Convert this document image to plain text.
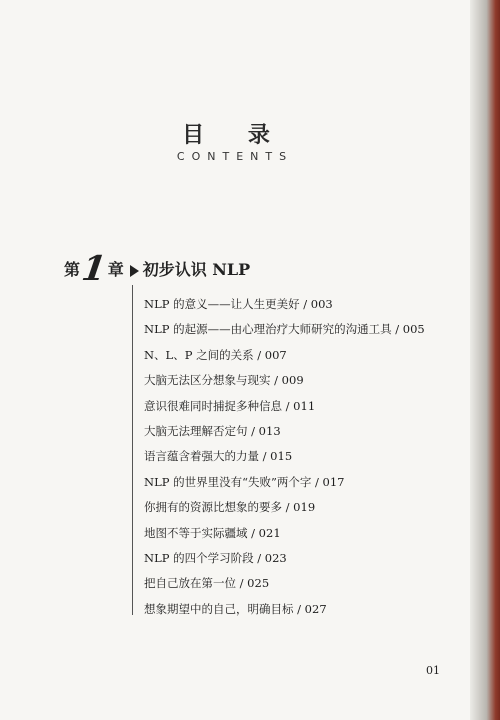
目 录
CONTENTS
第 1 章 初步认识 NLP
NLP 的意义——让人生更美好 / 003
NLP 的起源——由心理治疗大师研究的沟通工具 / 005
N、L、P 之间的关系 / 007
大脑无法区分想象与现实 / 009
意识很难同时捕捉多种信息 / 011
大脑无法理解否定句 / 013
语言蕴含着强大的力量 / 015
NLP 的世界里没有“失败”两个字 / 017
你拥有的资源比想象的要多 / 019
地图不等于实际疆域 / 021
NLP 的四个学习阶段 / 023
把自己放在第一位 / 025
想象期望中的自己，明确目标 / 027
01
